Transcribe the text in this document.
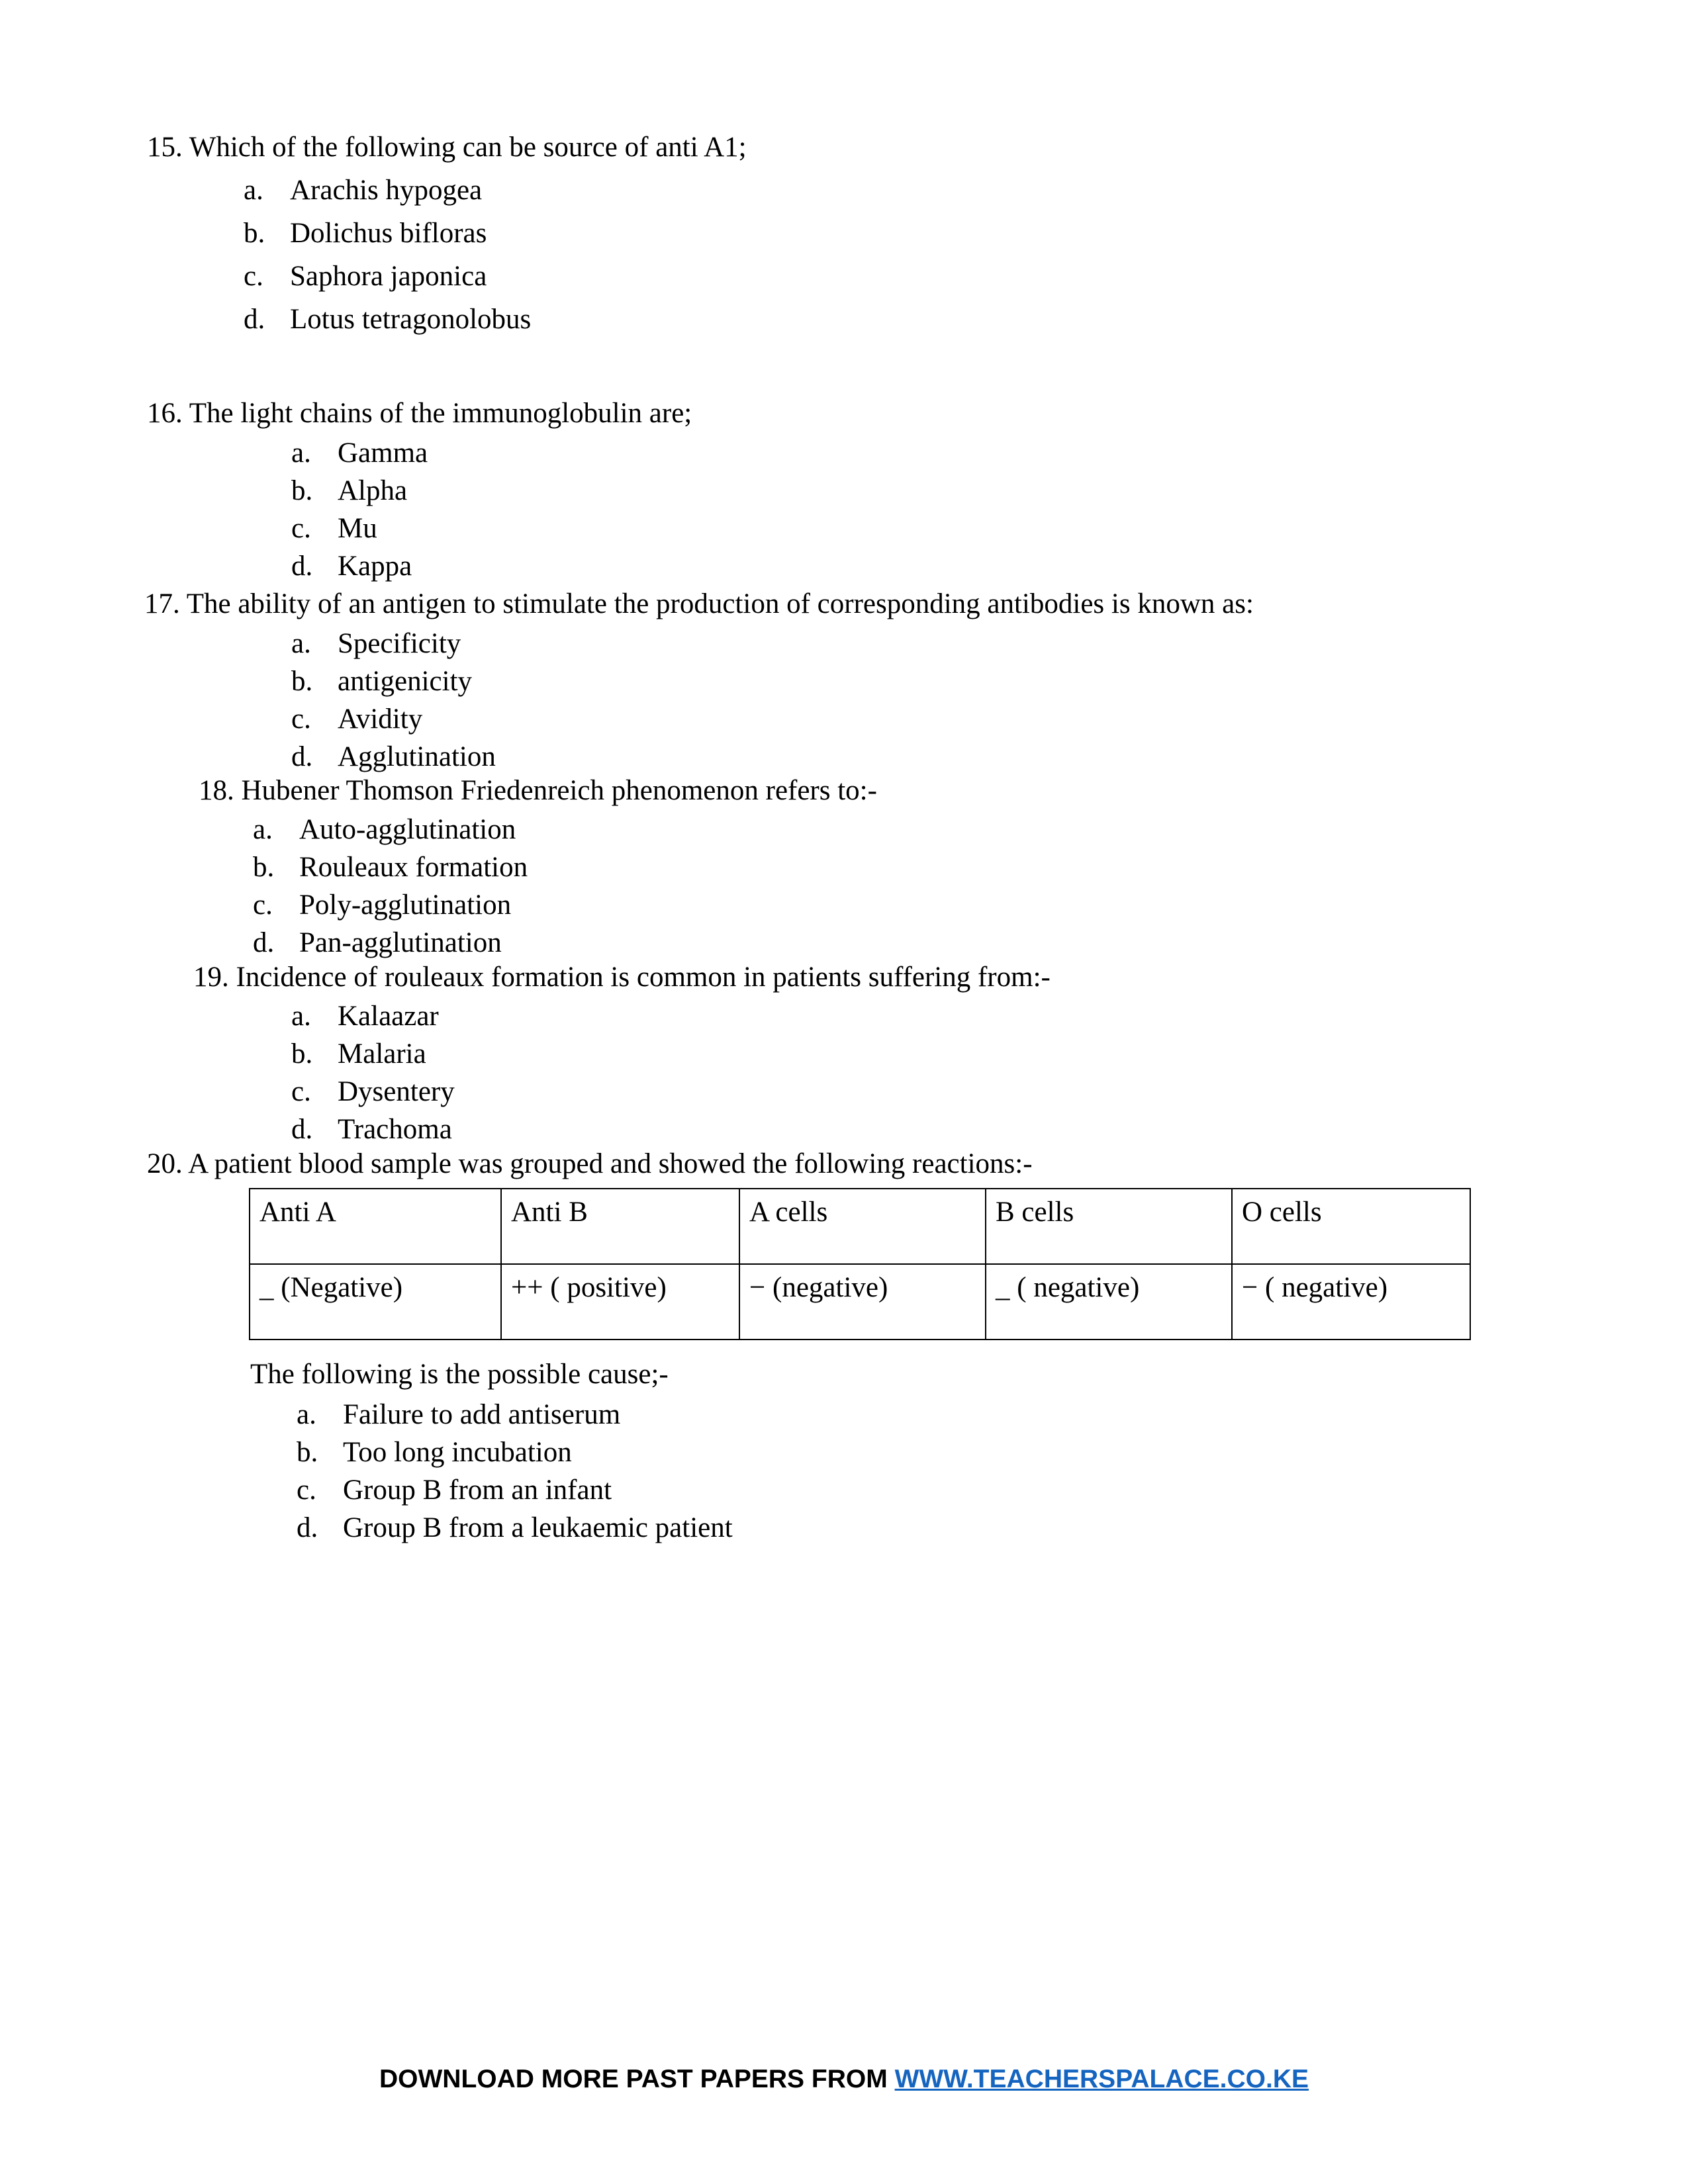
15. Which of the following can be source of anti A1;
a. Arachis hypogea
b. Dolichus bifloras
c. Saphora japonica
d. Lotus tetragonolobus
16. The light chains of the immunoglobulin are;
a. Gamma
b. Alpha
c. Mu
d. Kappa
17. The ability of an antigen to stimulate the production of corresponding antibodies is known as:
a. Specificity
b. antigenicity
c. Avidity
d. Agglutination
18. Hubener Thomson Friedenreich phenomenon refers to:-
a. Auto-agglutination
b. Rouleaux formation
c. Poly-agglutination
d. Pan-agglutination
19. Incidence of rouleaux formation is common in patients suffering from:-
a. Kalaazar
b. Malaria
c. Dysentery
d. Trachoma
20. A patient blood sample was grouped and showed the following reactions:-
Anti A	Anti B	A cells	B cells	O cells
_ (Negative)	++ ( positive)	− (negative)	_ ( negative)	− ( negative)
The following is the possible cause;-
a. Failure to add antiserum
b. Too long incubation
c. Group B from an infant
d. Group B from a leukaemic patient
DOWNLOAD MORE PAST PAPERS FROM WWW.TEACHERSPALACE.CO.KE
